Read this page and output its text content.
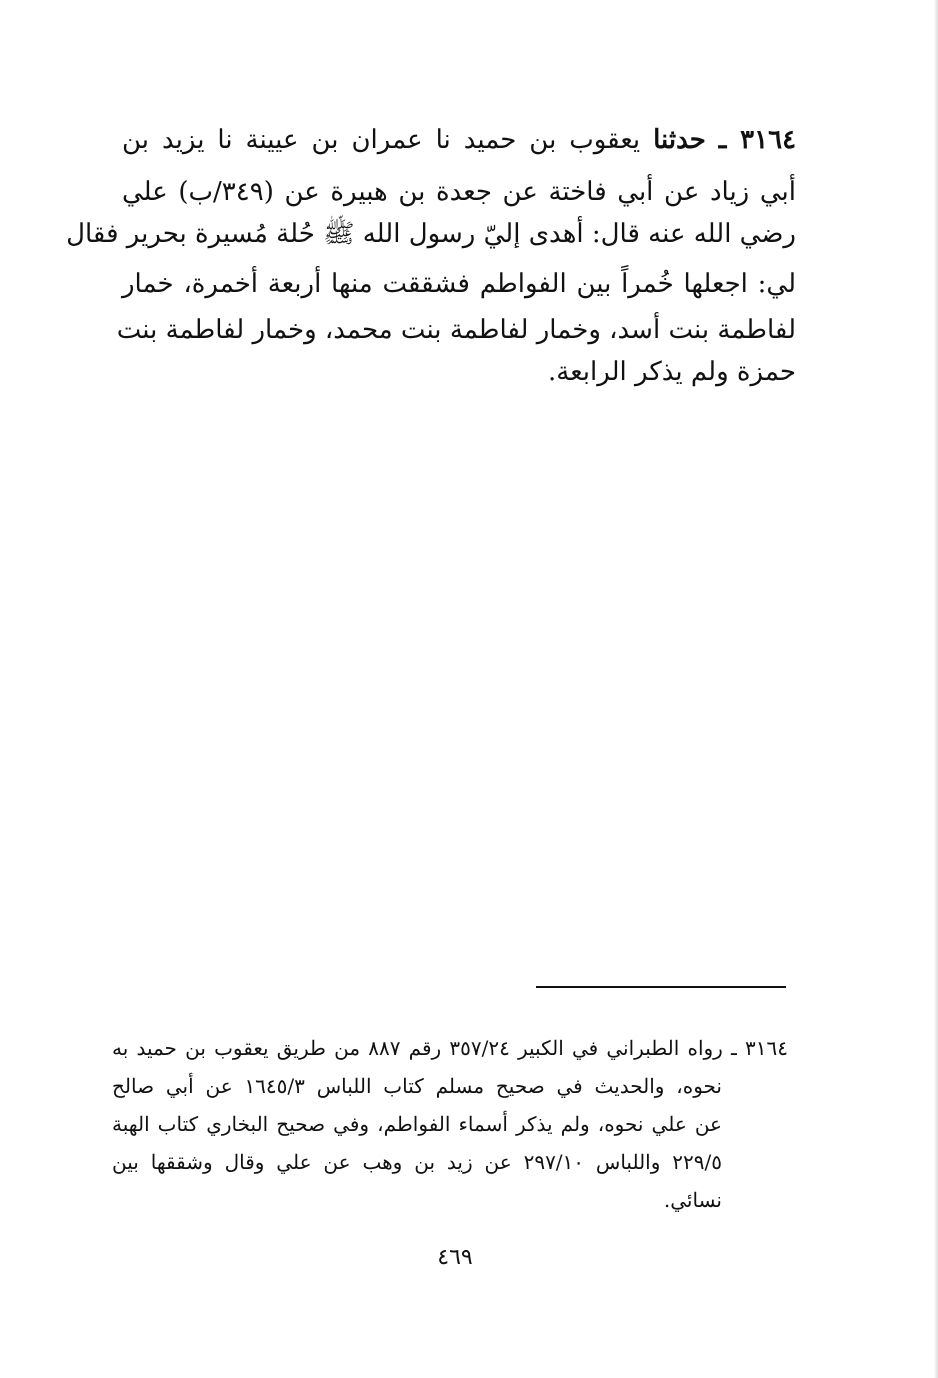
٣١٦٤ ـ حدثنا يعقوب بن حميد نا عمران بن عيينة نا يزيد بن
أبي زياد عن أبي فاختة عن جعدة بن هبيرة عن (٣٤٩/ب) علي
رضي الله عنه قال: أهدى إليّ رسول الله ﷺ حُلة مُسيرة بحرير فقال
لي: اجعلها خُمراً بين الفواطم فشققت منها أربعة أخمرة، خمار
لفاطمة بنت أسد، وخمار لفاطمة بنت محمد، وخمار لفاطمة بنت
حمزة ولم يذكر الرابعة.
٣١٦٤ ـ رواه الطبراني في الكبير ٣٥٧/٢٤ رقم ٨٨٧ من طريق يعقوب بن حميد به
نحوه، والحديث في صحيح مسلم كتاب اللباس ١٦٤٥/٣ عن أبي صالح
عن علي نحوه، ولم يذكر أسماء الفواطم، وفي صحيح البخاري كتاب الهبة
٢٢٩/٥ واللباس ٢٩٧/١٠ عن زيد بن وهب عن علي وقال وشققها بين
نسائي.
٤٦٩
